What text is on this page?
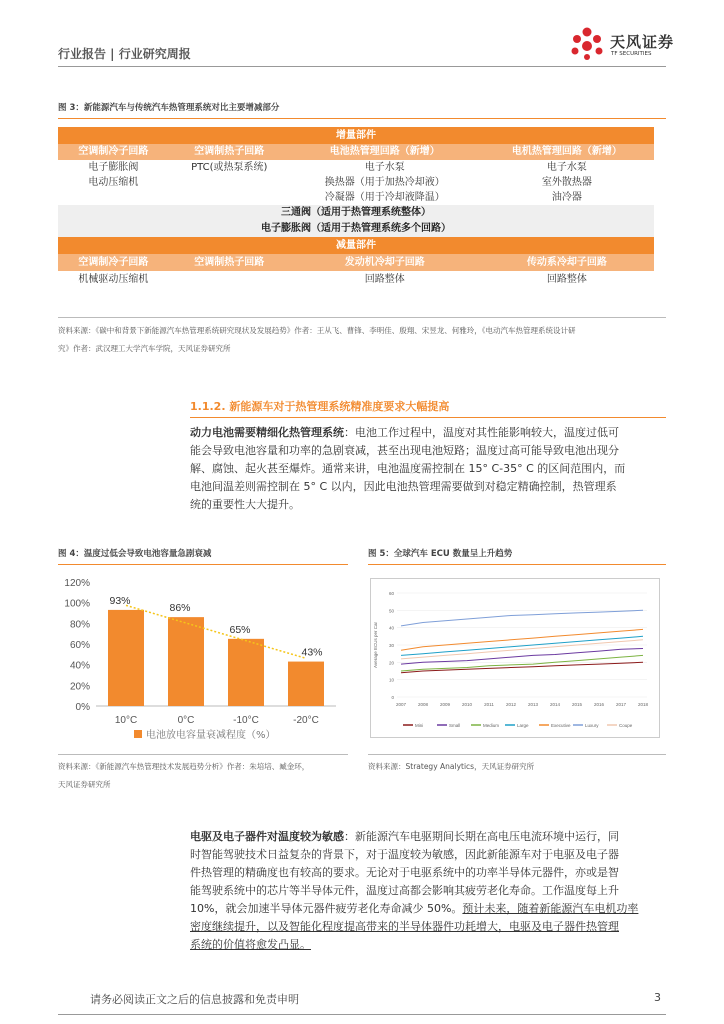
行业报告 | 行业研究周报
天风证券
TF SECURITIES
图 3：新能源汽车与传统汽车热管理系统对比主要增减部分
增量部件			
空调制冷子回路	空调制热子回路	电池热管理回路（新增）	电机热管理回路（新增）
电子膨胀阀	PTC(或热泵系统)	电子水泵	电子水泵
电动压缩机		换热器（用于加热冷却液）	室外散热器
		冷凝器（用于冷却液降温）	油冷器
三通阀（适用于热管理系统整体）			
电子膨胀阀（适用于热管理系统多个回路）			
减量部件			
空调制冷子回路	空调制热子回路	发动机冷却子回路	传动系冷却子回路
机械驱动压缩机		回路整体	回路整体
资料来源：《碳中和背景下新能源汽车热管理系统研究现状及发展趋势》作者：王从飞、曹锋、李明佳、殷翔、宋昱龙、何雅玲，《电动汽车热管理系统设计研
究》作者：武汉理工大学汽车学院，天风证券研究所
1.1.2. 新能源车对于热管理系统精准度要求大幅提高
动力电池需要精细化热管理系统：电池工作过程中，温度对其性能影响较大，温度过低可
能会导致电池容量和功率的急剧衰减，甚至出现电池短路；温度过高可能导致电池出现分
解、腐蚀、起火甚至爆炸。通常来讲，电池温度需控制在 15° C-35° C 的区间范围内，而
电池间温差则需控制在 5° C 以内，因此电池热管理需要做到对稳定精确控制，热管理系
统的重要性大大提升。
图 4：温度过低会导致电池容量急剧衰减
0%
20%
40%
60%
80%
100%
120%
10°C
93%
0°C
86%
-10°C
65%
-20°C
43%
电池放电容量衰减程度（%）
资料来源：《新能源汽车热管理技术发展趋势分析》作者：朱培培、臧金环，
天风证券研究所
图 5：全球汽车 ECU 数量呈上升趋势
0
10
20
30
40
50
60
Average ECUs per Car
2007	2008	2009	2010	2011	2012	2013	2014	2015	2016	2017	2018
Mini	Small	Medium	Large	Executive	Luxury	Coupe
资料来源：Strategy Analytics，天风证券研究所
电驱及电子器件对温度较为敏感：新能源汽车电驱期间长期在高电压电流环境中运行，同
时智能驾驶技术日益复杂的背景下，对于温度较为敏感，因此新能源车对于电驱及电子器
件热管理的精确度也有较高的要求。无论对于电驱系统中的功率半导体元器件，亦或是智
能驾驶系统中的芯片等半导体元件，温度过高都会影响其疲劳老化寿命。工作温度每上升
10%，就会加速半导体元器件疲劳老化寿命减少 50%。预计未来，随着新能源汽车电机功率
密度继续提升，以及智能化程度提高带来的半导体器件功耗增大，电驱及电子器件热管理
系统的价值将愈发凸显。
请务必阅读正文之后的信息披露和免责申明	3
